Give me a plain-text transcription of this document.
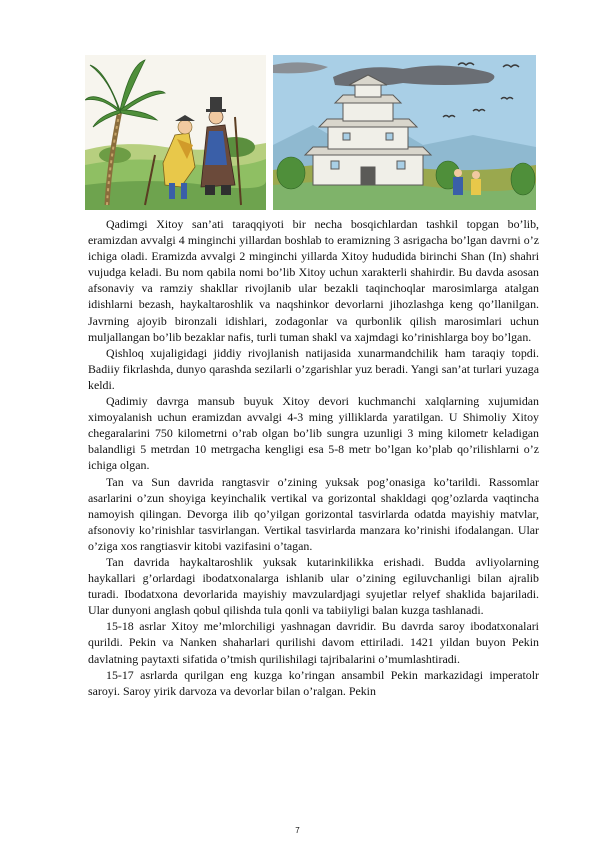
Qadimgi Xitoy san’ati taraqqiyoti bir necha bosqichlardan tashkil topgan bo’lib, eramizdan avvalgi 4 minginchi yillardan boshlab to eramizning 3 asrigacha bo’lgan davrni o’z ichiga oladi. Eramizda avvalgi 2 minginchi yillarda Xitoy hududida birinchi Shan (In) shahri vujudga keladi. Bu nom qabila nomi bo’lib Xitoy uchun xarakterli shahirdir. Bu davda asosan afsonaviy va ramziy shakllar rivojlanib ular bezakli taqinchoqlar marosimlarga atalgan idishlarni bezash, haykaltaroshlik va naqshinkor devorlarni jihozlashga keng qo’llanilgan. Javrning ajoyib bironzali idishlari, zodagonlar va qurbonlik qilish marosimlari uchun muljallangan bo’lib bezaklar nafis, turli tuman shakl va xajmdagi ko’rinishlarga boy bo’lgan.

Qishloq xujaligidagi jiddiy rivojlanish natijasida xunarmandchilik ham taraqiy topdi. Badiiy fikrlashda, dunyo qarashda sezilarli o’zgarishlar yuz beradi. Yangi san’at turlari yuzaga keldi.

Qadimiy davrga mansub buyuk Xitoy devori kuchmanchi xalqlarning xujumidan ximoyalanish uchun eramizdan avvalgi 4-3 ming yilliklarda yaratilgan. U Shimoliy Xitoy chegaralarini 750 kilometrni o’rab olgan bo’lib sungra uzunligi 3 ming kilometr keladigan balandligi 5 metrdan 10 metrgacha kengligi esa 5-8 metr bo’lgan ko’plab qo’rilishlarni o’z ichiga olgan.

Tan va Sun davrida rangtasvir o’zining yuksak pog’onasiga ko’tarildi. Rassomlar asarlarini o’zun shoyiga keyinchalik vertikal va gorizontal shakldagi qog’ozlarda vaqtincha namoyish qilingan. Devorga ilib qo’yilgan gorizontal tasvirlarda odatda mayishiy matvlar, afsonoviy ko’rinishlar tasvirlangan. Vertikal tasvirlarda manzara ko’rinishi ifodalangan. Ular o’ziga xos rangtiasvir kitobi vazifasini o’tagan.

Tan davrida haykaltaroshlik yuksak kutarinkilikka erishadi. Budda avliyolarning haykallari g’orlardagi ibodatxonalarga ishlanib ular o’zining egiluvchanligi bilan ajralib turadi. Ibodatxona devorlarida mayishiy mavzulardjagi syujetlar relyef shaklida bajariladi. Ular dunyoni anglash qobul qilishda tula qonli va tabiiyligi balan kuzga tashlanadi.

15-18 asrlar Xitoy me’mlorchiligi yashnagan davridir. Bu davrda saroy ibodatxonalari qurildi. Pekin va Nanken shaharlari qurilishi davom ettiriladi. 1421 yildan buyon Pekin davlatning paytaxti sifatida o’tmish qurilishilagi tajribalarini o’mumlashtiradi.

15-17 asrlarda qurilgan eng kuzga ko’ringan ansambil Pekin markazidagi imperatolr saroyi. Saroy yirik darvoza va devorlar bilan o’ralgan. Pekin

7
